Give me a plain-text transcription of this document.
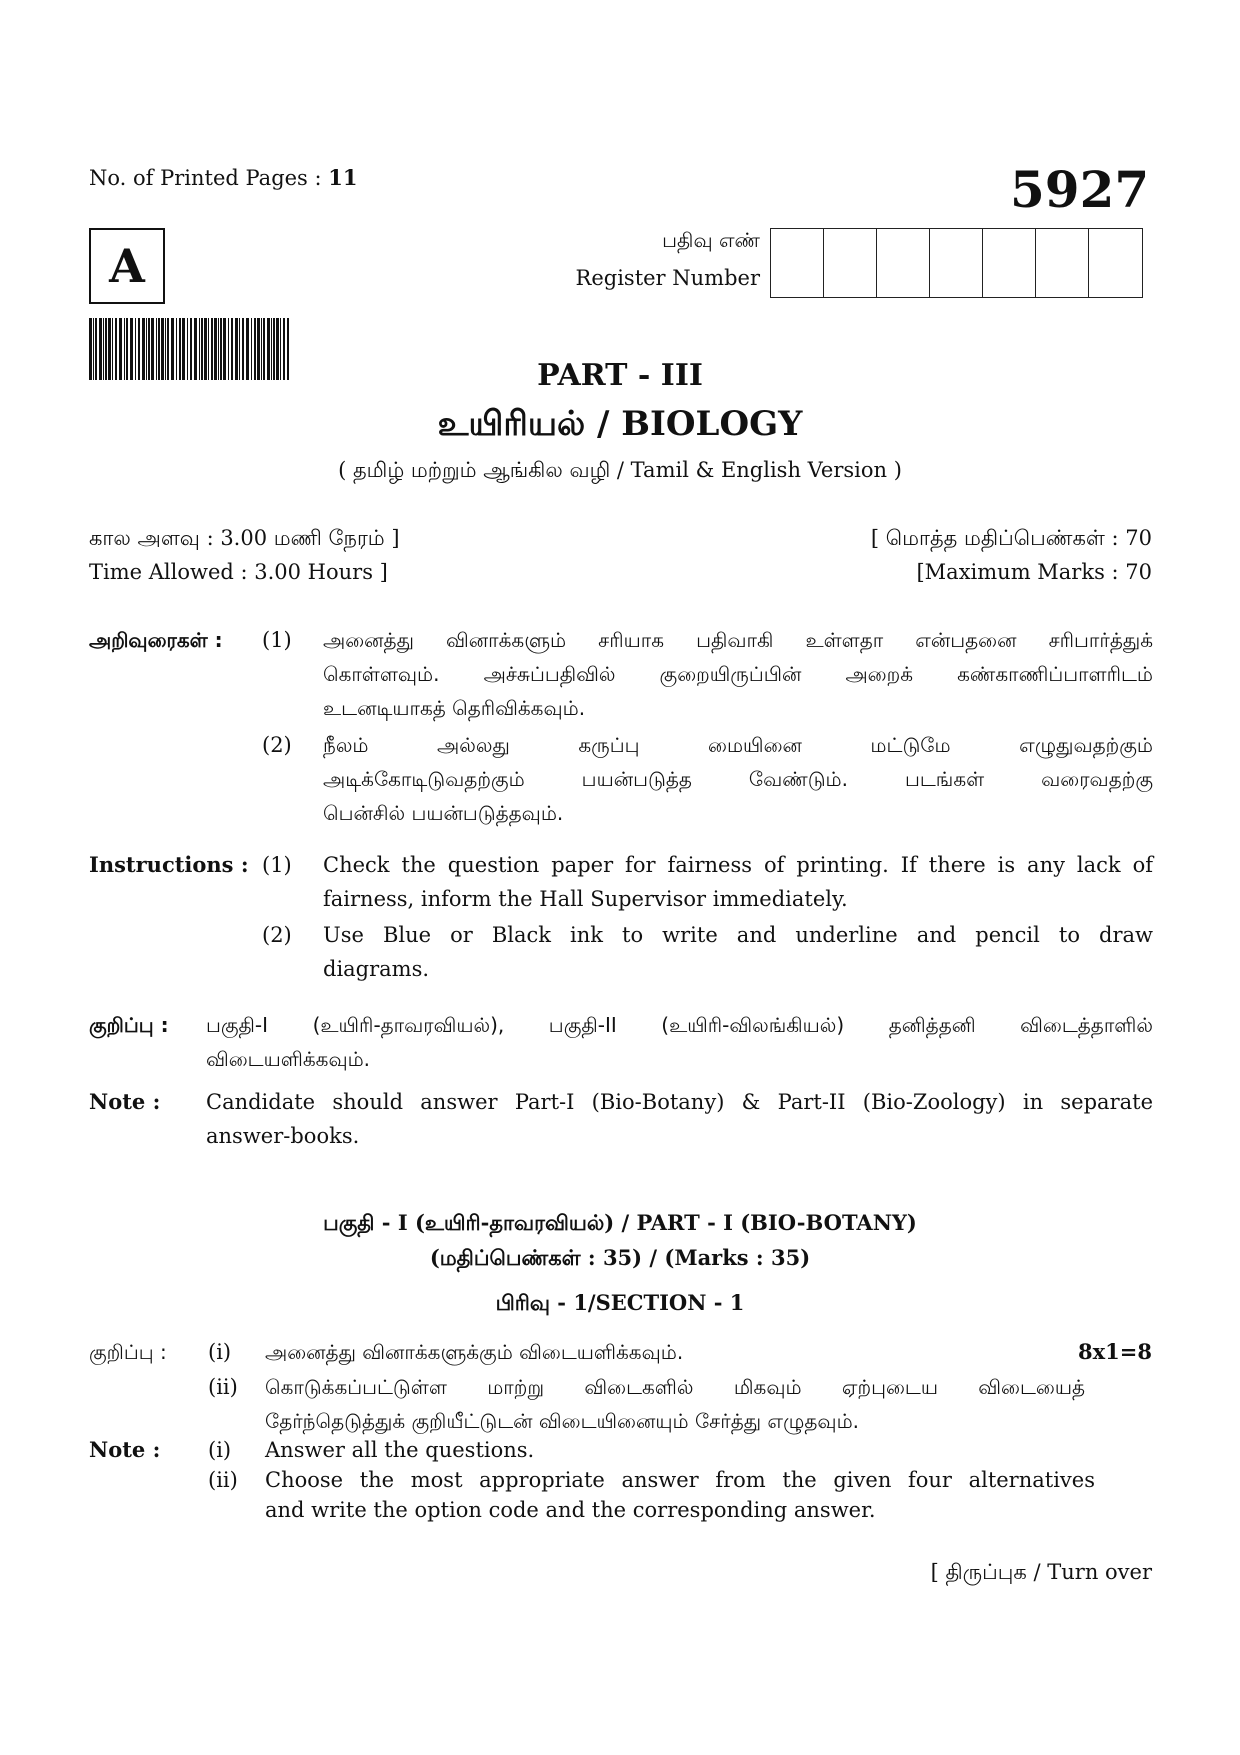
No. of Printed Pages : 11	5927
A	பதிவு எண்
Register Number
PART - III
உயிரியல் / BIOLOGY
( தமிழ் மற்றும் ஆங்கில வழி / Tamil & English Version )
கால அளவு : 3.00 மணி நேரம் ]
Time Allowed : 3.00 Hours ]
[ மொத்த மதிப்பெண்கள் : 70
[Maximum Marks : 70
அறிவுரைகள் : (1) அனைத்து வினாக்களும் சரியாக பதிவாகி உள்ளதா என்பதனை சரிபார்த்துக்
கொள்ளவும். அச்சுப்பதிவில் குறையிருப்பின் அறைக் கண்காணிப்பாளரிடம்
உடனடியாகத் தெரிவிக்கவும்.
(2) நீலம் அல்லது கருப்பு மையினை மட்டுமே எழுதுவதற்கும்
அடிக்கோடிடுவதற்கும் பயன்படுத்த வேண்டும். படங்கள் வரைவதற்கு
பென்சில் பயன்படுத்தவும்.
Instructions : (1) Check the question paper for fairness of printing. If there is any lack of
fairness, inform the Hall Supervisor immediately.
(2) Use Blue or Black ink to write and underline and pencil to draw
diagrams.
குறிப்பு : பகுதி-I (உயிரி-தாவரவியல்), பகுதி-II (உயிரி-விலங்கியல்) தனித்தனி விடைத்தாளில்
விடையளிக்கவும்.
Note : Candidate should answer Part-I (Bio-Botany) & Part-II (Bio-Zoology) in separate
answer-books.
பகுதி - I (உயிரி-தாவரவியல்) / PART - I (BIO-BOTANY)
(மதிப்பெண்கள் : 35) / (Marks : 35)
பிரிவு - 1/SECTION - 1
குறிப்பு : (i) அனைத்து வினாக்களுக்கும் விடையளிக்கவும்.	8x1=8
(ii) கொடுக்கப்பட்டுள்ள மாற்று விடைகளில் மிகவும் ஏற்புடைய விடையைத்
தேர்ந்தெடுத்துக் குறியீட்டுடன் விடையினையும் சேர்த்து எழுதவும்.
Note : (i) Answer all the questions.
(ii) Choose the most appropriate answer from the given four alternatives
and write the option code and the corresponding answer.
[ திருப்புக / Turn over
